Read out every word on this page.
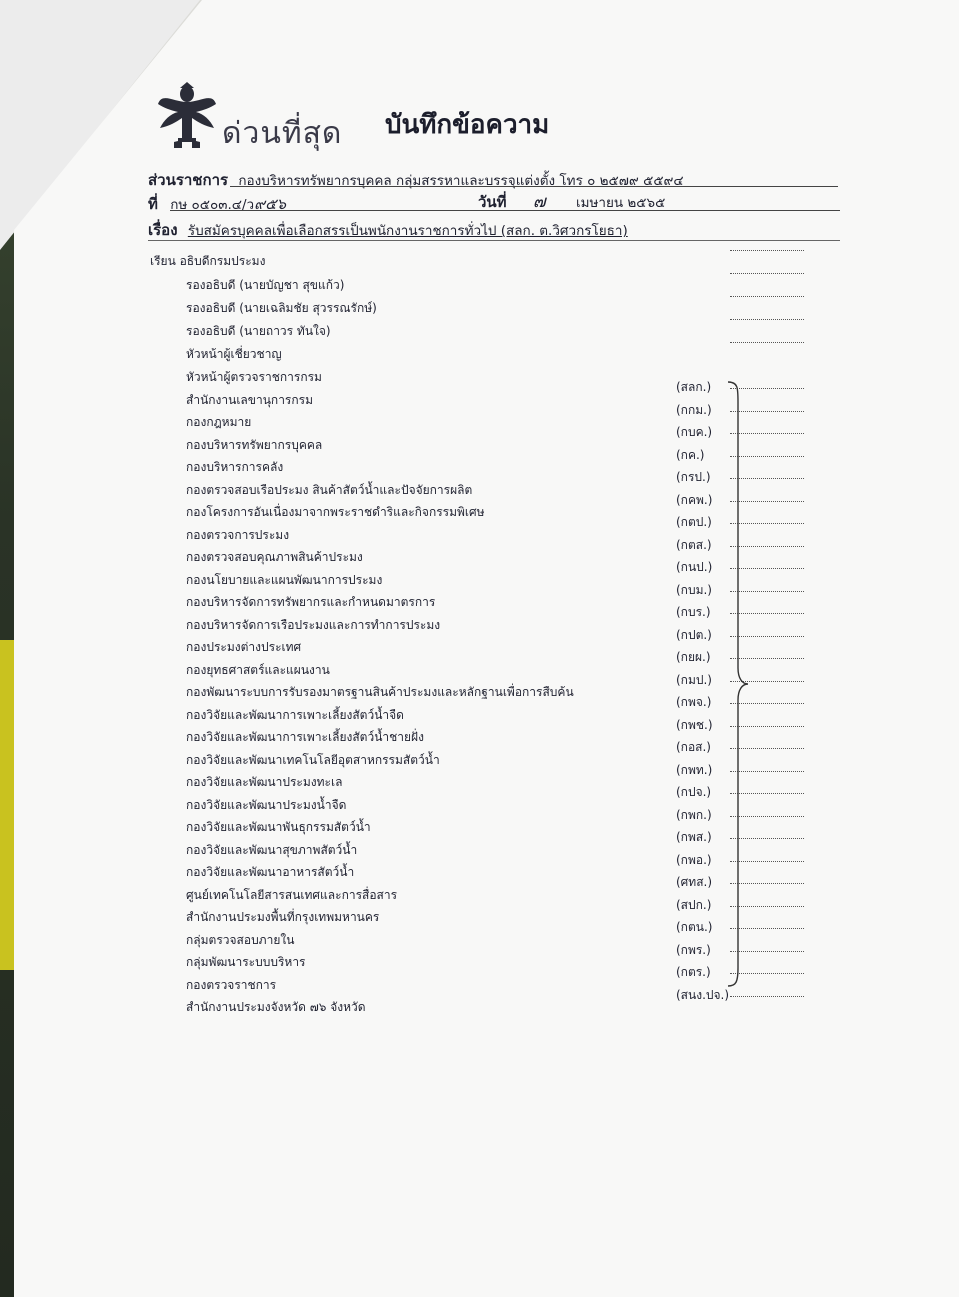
ด่วนที่สุด บันทึกข้อความ
ส่วนราชการ กองบริหารทรัพยากรบุคคล กลุ่มสรรหาและบรรจุแต่งตั้ง โทร ๐ ๒๕๗๙ ๕๕๙๔
ที่ กษ ๐๕๐๓.๔/ว๙๕๖	วันที่ ๗ เมษายน ๒๕๖๕
เรื่อง รับสมัครบุคคลเพื่อเลือกสรรเป็นพนักงานราชการทั่วไป (สลก. ต.วิศวกรโยธา)
เรียน อธิบดีกรมประมง
รองอธิบดี (นายบัญชา สุขแก้ว)
รองอธิบดี (นายเฉลิมชัย สุวรรณรักษ์)
รองอธิบดี (นายถาวร ทันใจ)
หัวหน้าผู้เชี่ยวชาญ
หัวหน้าผู้ตรวจราชการกรม
(สลก.)
สำนักงานเลขานุการกรม
(กกม.)
กองกฎหมาย
(กบค.)
กองบริหารทรัพยากรบุคคล
(กค.)
กองบริหารการคลัง
(กรป.)
กองตรวจสอบเรือประมง สินค้าสัตว์น้ำและปัจจัยการผลิต
(กคพ.)
กองโครงการอันเนื่องมาจากพระราชดำริและกิจกรรมพิเศษ
(กตป.)
กองตรวจการประมง
(กตส.)
กองตรวจสอบคุณภาพสินค้าประมง
(กนป.)
กองนโยบายและแผนพัฒนาการประมง
(กบม.)
กองบริหารจัดการทรัพยากรและกำหนดมาตรการ
(กบร.)
กองบริหารจัดการเรือประมงและการทำการประมง
(กปต.)
กองประมงต่างประเทศ
(กยผ.)
กองยุทธศาสตร์และแผนงาน
(กมป.)
กองพัฒนาระบบการรับรองมาตรฐานสินค้าประมงและหลักฐานเพื่อการสืบค้น
(กพจ.)
กองวิจัยและพัฒนาการเพาะเลี้ยงสัตว์น้ำจืด
(กพช.)
กองวิจัยและพัฒนาการเพาะเลี้ยงสัตว์น้ำชายฝั่ง
(กอส.)
กองวิจัยและพัฒนาเทคโนโลยีอุตสาหกรรมสัตว์น้ำ
(กพท.)
กองวิจัยและพัฒนาประมงทะเล
(กปจ.)
กองวิจัยและพัฒนาประมงน้ำจืด
(กพก.)
กองวิจัยและพัฒนาพันธุกรรมสัตว์น้ำ
(กพส.)
กองวิจัยและพัฒนาสุขภาพสัตว์น้ำ
(กพอ.)
กองวิจัยและพัฒนาอาหารสัตว์น้ำ
(ศทส.)
ศูนย์เทคโนโลยีสารสนเทศและการสื่อสาร
(สปก.)
สำนักงานประมงพื้นที่กรุงเทพมหานคร
(กตน.)
กลุ่มตรวจสอบภายใน
(กพร.)
กลุ่มพัฒนาระบบบริหาร
(กตร.)
กองตรวจราชการ
(สนง.ปจ.)
สำนักงานประมงจังหวัด ๗๖ จังหวัด
